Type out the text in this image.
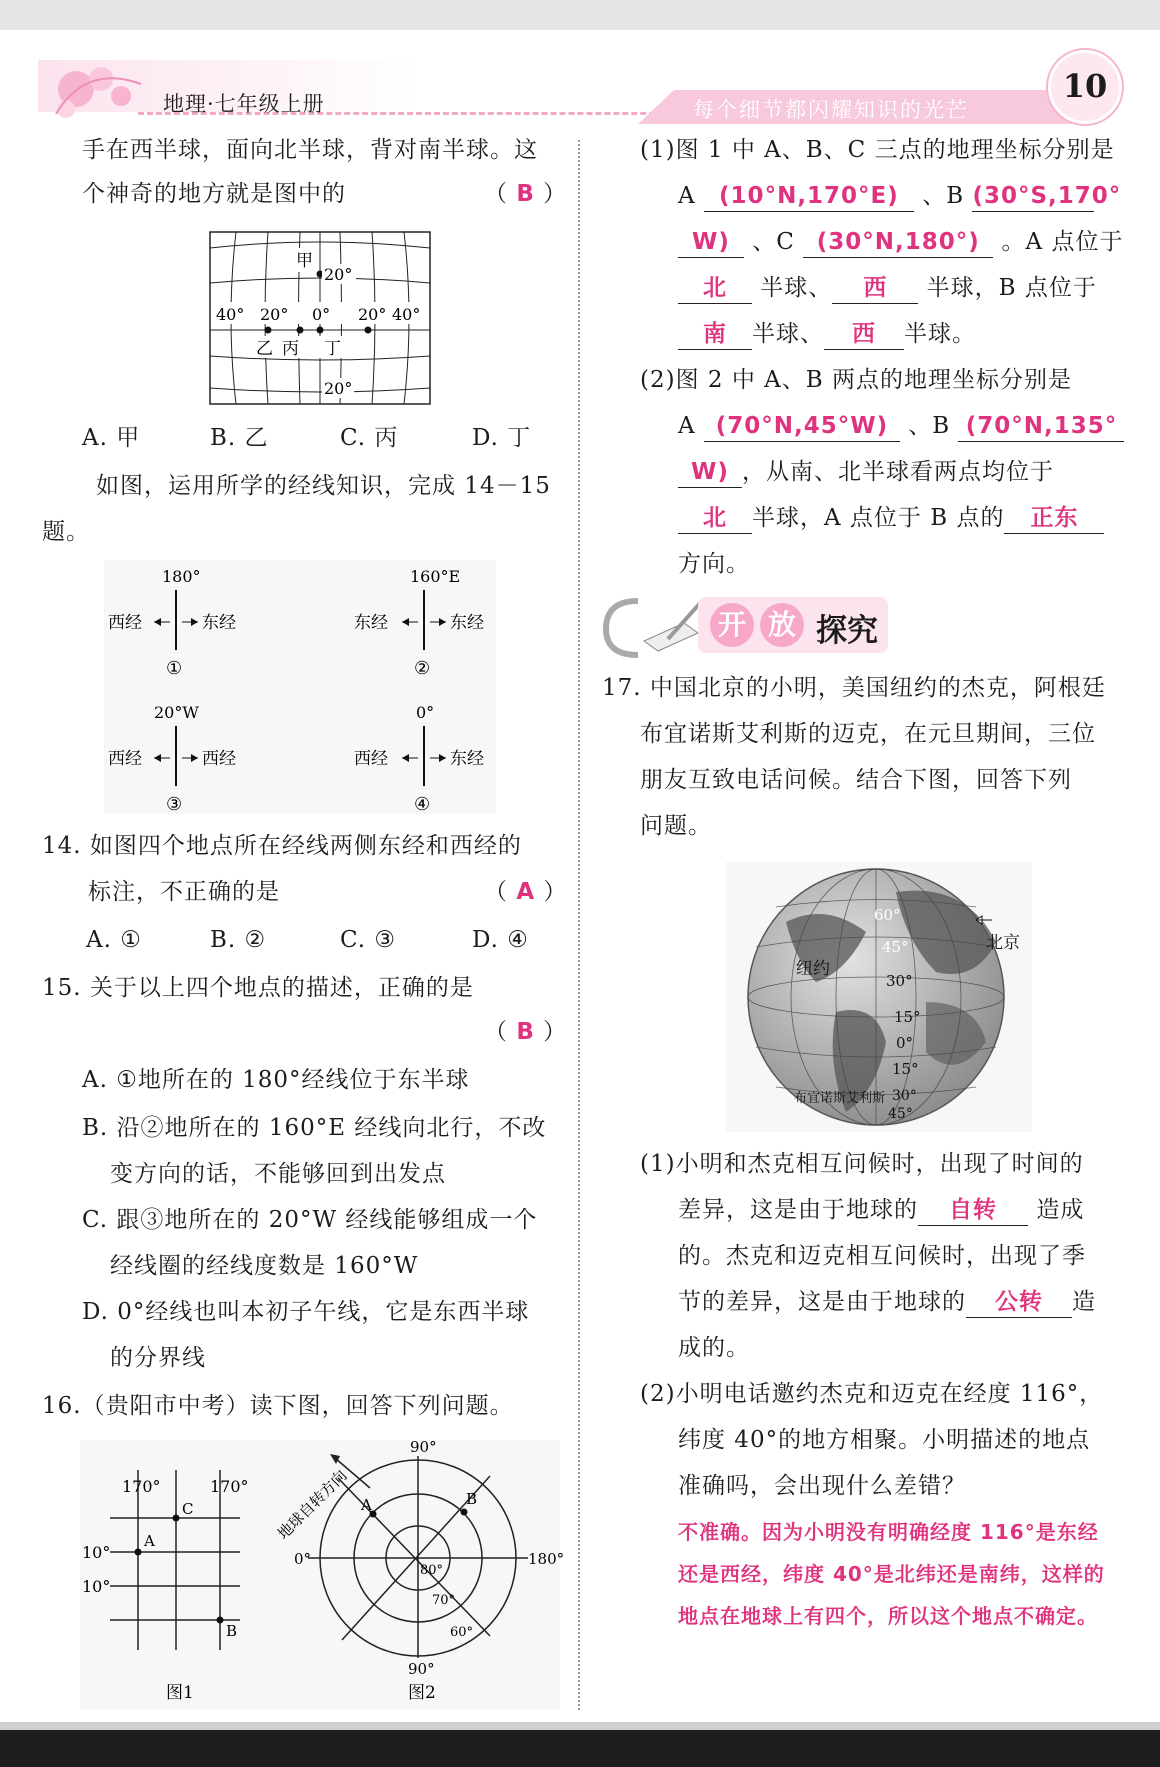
地理·七年级上册	每个细节都闪耀知识的光芒
10
手在西半球，面向北半球，背对南半球。这
个神奇的地方就是图中的	（ B ）
甲
20°
40° 20° 0° 20° 40°
乙 丙 丁
20°
A. 甲	B. 乙	C. 丙	D. 丁
如图，运用所学的经线知识，完成 14－15
题。
180°
西经	东经
①
160°E
东经	东经
②
20°W
西经	西经
③
0°
西经	东经
④
14. 如图四个地点所在经线两侧东经和西经的
标注，不正确的是	（ A ）
A. ①	B. ②	C. ③	D. ④
15. 关于以上四个地点的描述，正确的是
（ B ）
A. ①地所在的 180°经线位于东半球
B. 沿②地所在的 160°E 经线向北行，不改
变方向的话，不能够回到出发点
C. 跟③地所在的 20°W 经线能够组成一个
经线圈的经线度数是 160°W
D. 0°经线也叫本初子午线，它是东西半球
的分界线
16.（贵阳市中考）读下图，回答下列问题。
170°	170°
10°
10°
A
C
B
图1
90°
90°
0°	180°
80°
70°
60°
A	B
地球自转方向
图2
(1)图 1 中 A、B、C 三点的地理坐标分别是
A (10°N,170°E) 、B (30°S,170°
W) 、C (30°N,180°) 。A 点位于
北 半球、 西 半球，B 点位于
南 半球、 西 半球。
(2)图 2 中 A、B 两点的地理坐标分别是
A (70°N,45°W) 、B (70°N,135°
W) ，从南、北半球看两点均位于
北 半球，A 点位于 B 点的 正东
方向。
开 放 探究
17. 中国北京的小明，美国纽约的杰克，阿根廷
布宜诺斯艾利斯的迈克，在元旦期间，三位
朋友互致电话问候。结合下图，回答下列
问题。
60°
45°
30°
15°
0°
15°
30°
45°
纽约
布宜诺斯艾利斯
北京
(1)小明和杰克相互问候时，出现了时间的
差异，这是由于地球的 自转 造成
的。杰克和迈克相互问候时，出现了季
节的差异，这是由于地球的 公转 造
成的。
(2)小明电话邀约杰克和迈克在经度 116°，
纬度 40°的地方相聚。小明描述的地点
准确吗，会出现什么差错？
不准确。因为小明没有明确经度 116°是东经
还是西经，纬度 40°是北纬还是南纬，这样的
地点在地球上有四个，所以这个地点不确定。
